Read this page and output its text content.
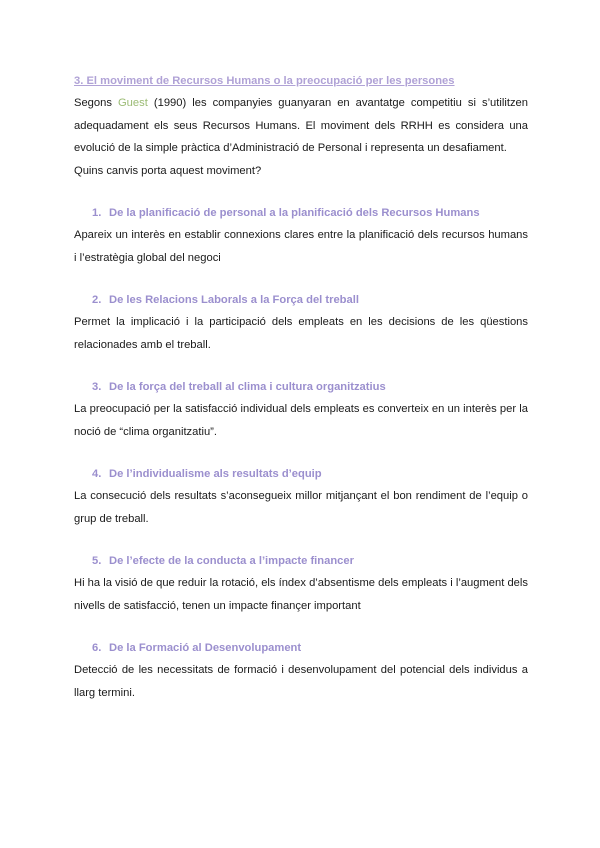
3. El moviment de Recursos Humans o la preocupació per les persones

Segons Guest (1990) les companyies guanyaran en avantatge competitiu si s’utilitzen adequadament els seus Recursos Humans. El moviment dels RRHH es considera una evolució de la simple pràctica d’Administració de Personal i representa un desafiament.

Quins canvis porta aquest moviment?

1. De la planificació de personal a la planificació dels Recursos Humans

Apareix un interès en establir connexions clares entre la planificació dels recursos humans i l’estratègia global del negoci

2. De les Relacions Laborals a la Força del treball

Permet la implicació i la participació dels empleats en les decisions de les qüestions relacionades amb el treball.

3. De la força del treball al clima i cultura organitzatius

La preocupació per la satisfacció individual dels empleats es converteix en un interès per la noció de “clima organitzatiu”.

4. De l’individualisme als resultats d’equip

La consecució dels resultats s’aconsegueix millor mitjançant el bon rendiment de l’equip o grup de treball.

5. De l’efecte de la conducta a l’impacte financer

Hi ha la visió de que reduir la rotació, els índex d’absentisme dels empleats i l’augment dels nivells de satisfacció, tenen un impacte finançer important

6. De la Formació al Desenvolupament

Detecció de les necessitats de formació i desenvolupament del potencial dels individus a llarg termini.
